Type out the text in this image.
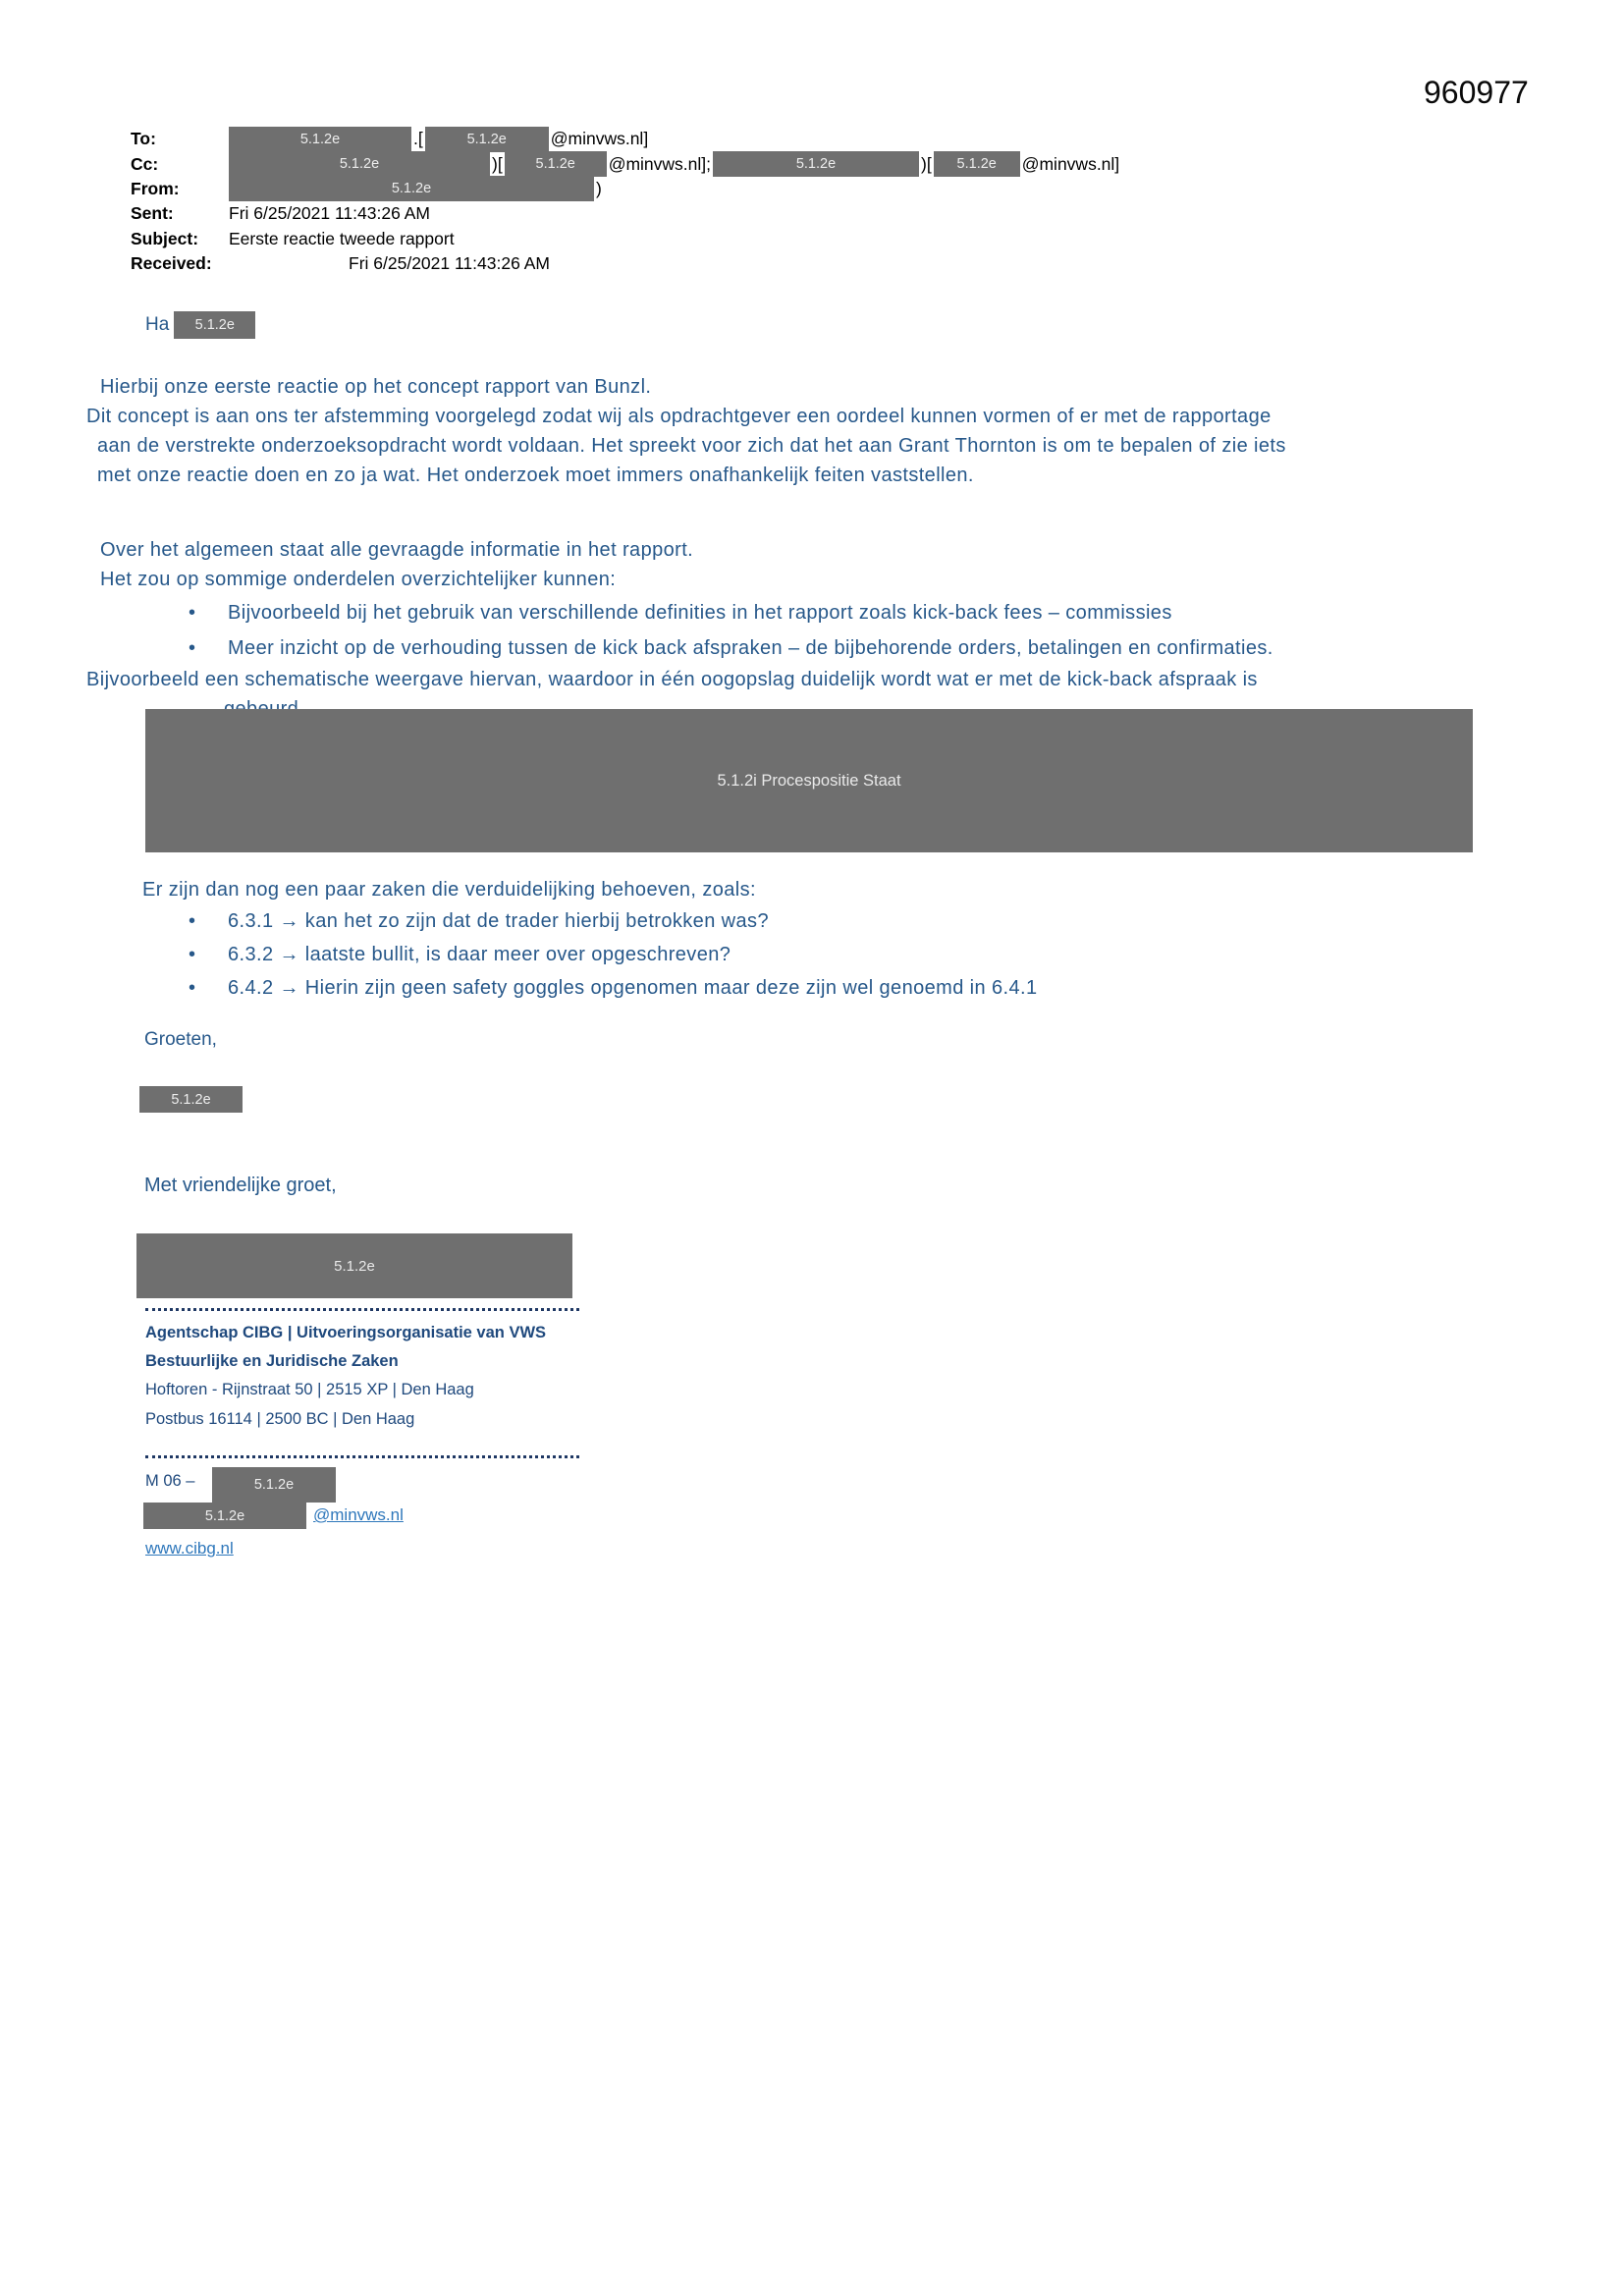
960977
To:	5.1.2e	.[	5.1.2e	@minvws.nl]
Cc:	5.1.2e	)[	5.1.2e	@minvws.nl];	5.1.2e	)[	5.1.2e	@minvws.nl]
From:	5.1.2e	)
Sent:	Fri 6/25/2021 11:43:26 AM
Subject:	Eerste reactie tweede rapport
Received:	Fri 6/25/2021 11:43:26 AM
Ha	5.1.2e
Hierbij onze eerste reactie op het concept rapport van Bunzl.
Dit concept is aan ons ter afstemming voorgelegd zodat wij als opdrachtgever een oordeel kunnen vormen of er met de rapportage
aan de verstrekte onderzoeksopdracht wordt voldaan. Het spreekt voor zich dat het aan Grant Thornton is om te bepalen of zie iets
met onze reactie doen en zo ja wat. Het onderzoek moet immers onafhankelijk feiten vaststellen.
Over het algemeen staat alle gevraagde informatie in het rapport.
Het zou op sommige onderdelen overzichtelijker kunnen:
•	Bijvoorbeeld bij het gebruik van verschillende definities in het rapport zoals kick-back fees – commissies
•	Meer inzicht op de verhouding tussen de kick back afspraken – de bijbehorende orders, betalingen en confirmaties.
Bijvoorbeeld een schematische weergave hiervan, waardoor in één oogopslag duidelijk wordt wat er met de kick-back afspraak is
5.1.2i Procespositie Staat
Er zijn dan nog een paar zaken die verduidelijking behoeven, zoals:
•	6.3.1 → kan het zo zijn dat de trader hierbij betrokken was?
•	6.3.2 → laatste bullit, is daar meer over opgeschreven?
•	6.4.2 → Hierin zijn geen safety goggles opgenomen maar deze zijn wel genoemd in 6.4.1
Groeten,
5.1.2e
Met vriendelijke groet,
5.1.2e
Agentschap CIBG | Uitvoeringsorganisatie van VWS
Bestuurlijke en Juridische Zaken
Hoftoren - Rijnstraat 50 | 2515 XP | Den Haag
Postbus 16114 | 2500 BC | Den Haag
M 06 –	5.1.2e
5.1.2e	@minvws.nl
www.cibg.nl
